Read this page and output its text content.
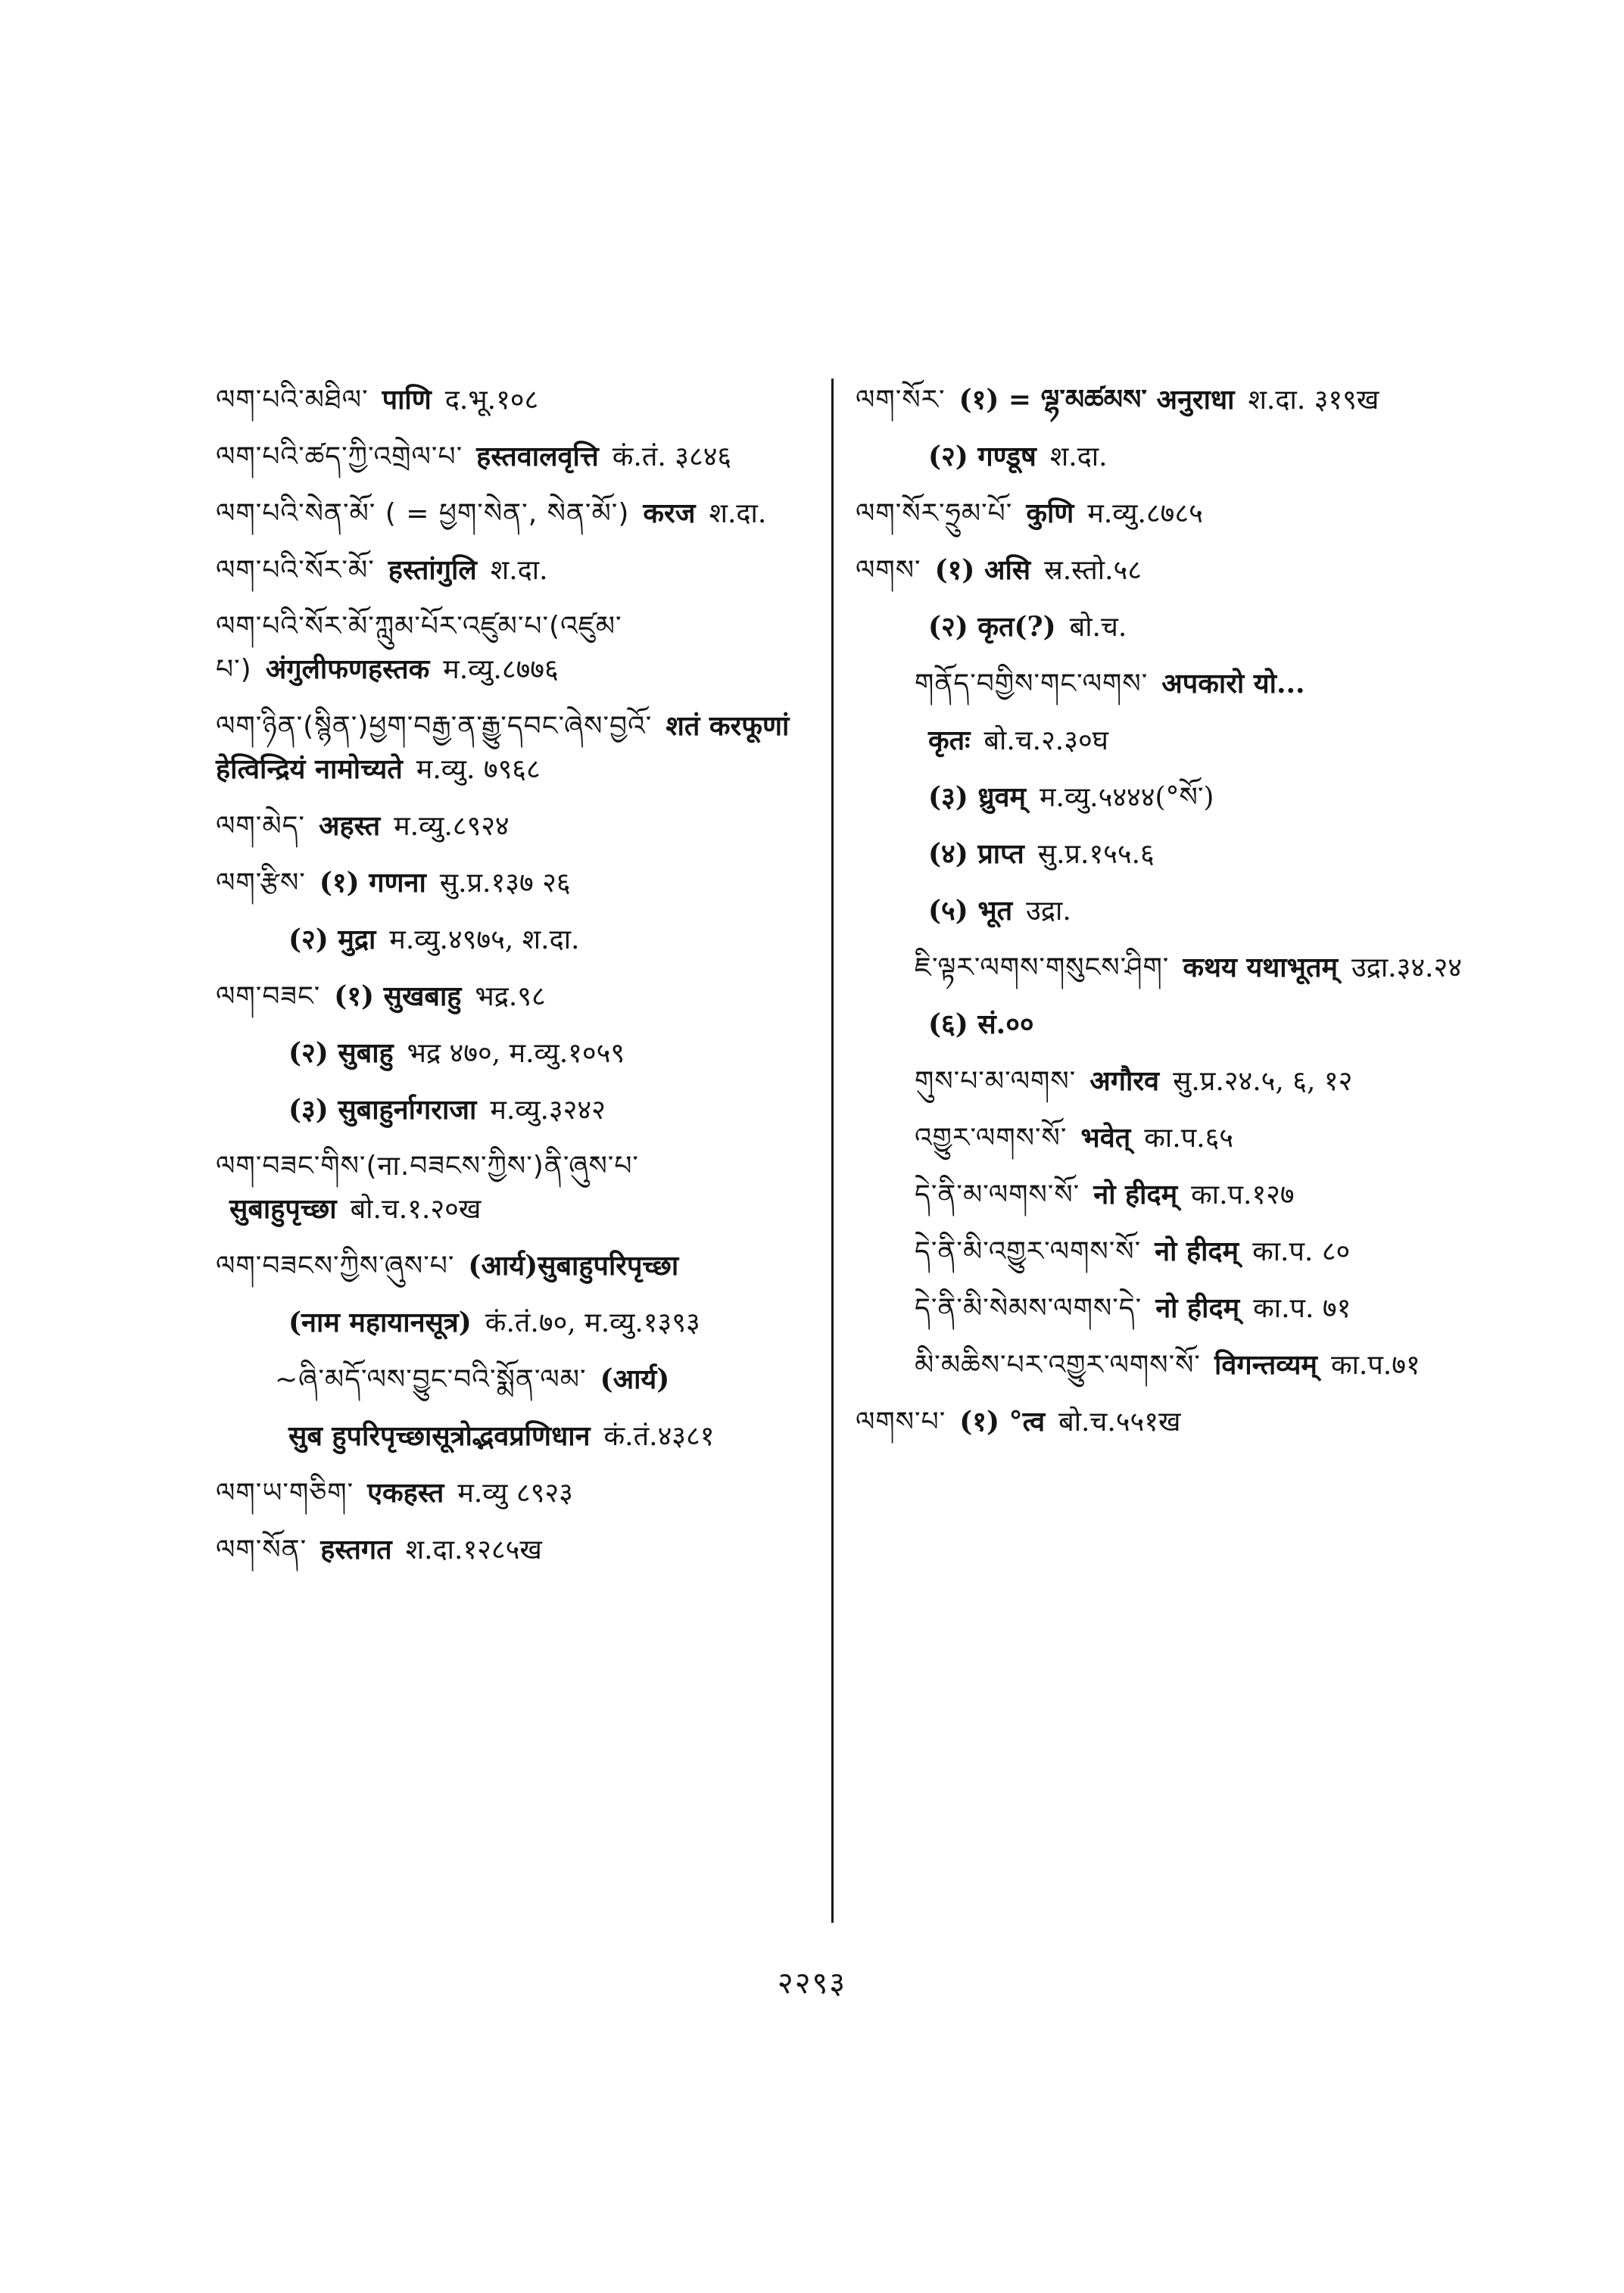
ལག་པའི་མཐིལ་ पाणि द.भू.१०८
ལག་པའི་ཚད་ཀྱི་འགྲེལ་པ་ हस्तवालवृत्ति कं.तं. ३८४६
ལག་པའི་སེན་མོ་ ( = ཕྱག་སེན་, སེན་མོ་) करज श.दा.
ལག་པའི་སོར་མོ་ हस्तांगुलि श.दा.
ལག་པའི་སོར་མོ་ཀླུམ་པོར་འཛུམ་པ་(འཛུམ་པ་) अंगुलीफणहस्तक म.व्यु.८७७६
ལག་ཉིན་(སྙིན་)ཕྱག་བརྒྱ་ན་རྒྱུ་དབང་ཞེས་བྱའོ་ शतं करफूणां हेत्विन्द्रियं नामोच्यते म.व्यु. ७९६८
ལག་མེད་ अहस्त म.व्यु.८९२४
ལག་རྩིས་ (१) गणना सु.प्र.१३७ २६
(२) मुद्रा म.व्यु.४९७५, श.दा.
ལག་བཟང་ (१) सुखबाहु भद्र.९८
(२) सुबाहु भद्र ४७०, म.व्यु.१०५९
(३) सुबाहुर्नागराजा म.व्यु.३२४२
ལག་བཟང་གིས་(ना.བཟངས་ཀྱིས་)ནི་ཞུས་པ་सुबाहुपृच्छा बो.च.१.२०ख
ལག་བཟངས་ཀྱིས་ཞུས་པ་ (आर्य)सुबाहुपरिपृच्छा
(नाम महायानसूत्र) कं.तं.७०, म.व्यु.१३९३
~ཞི་མདོ་ལས་བྱུང་བའི་སྨོན་ལམ་ (आर्य)
सुब हुपरिपृच्छासूत्रोद्भवप्रणिधान कं.तं.४३८१
ལག་ཡ་གཅིག་ एकहस्त म.व्यु ८९२३
ལག་སོན་ हस्तगत श.दा.१२८५ख
ལག་སོར་ (१) = ལྷ་མཚམས་ अनुराधा श.दा. ३१९ख
(२) गण्डूष श.दा.
ལག་སོར་ཧྲུམ་པོ་ कुणि म.व्यु.८७८५
ལགས་ (१) असि स्र.स्तो.५८
(२) कृत(?) बो.च.
གནོད་བགྱིས་གང་ལགས་ अपकारो यो...
कृतः बो.च.२.३०घ
(३) ध्रुवम् म.व्यु.५४४४(°སོ་)
(४) प्राप्त सु.प्र.१५५.६
(५) भूत उद्रा.
ཇི་ལྟར་ལགས་གསུངས་ཤིག་ कथय यथाभूतम् उद्रा.३४.२४
(६) सं.००
གུས་པ་མ་ལགས་ अगौरव सु.प्र.२४.५, ६, १२
འགྱུར་ལགས་སོ་ भवेत् का.प.६५
དེ་ནི་མ་ལགས་སོ་ नो हीदम् का.प.१२७
དེ་ནི་མི་འགྱུར་ལགས་སོ་ नो हीदम् का.प. ८०
དེ་ནི་མི་སེམས་ལགས་དེ་ नो हीदम् का.प. ७१
མི་མཆིས་པར་འགྱུར་ལགས་སོ་ विगन्तव्यम् का.प.७१
ལགས་པ་ (१) °त्व बो.च.५५१ख
२२९३
